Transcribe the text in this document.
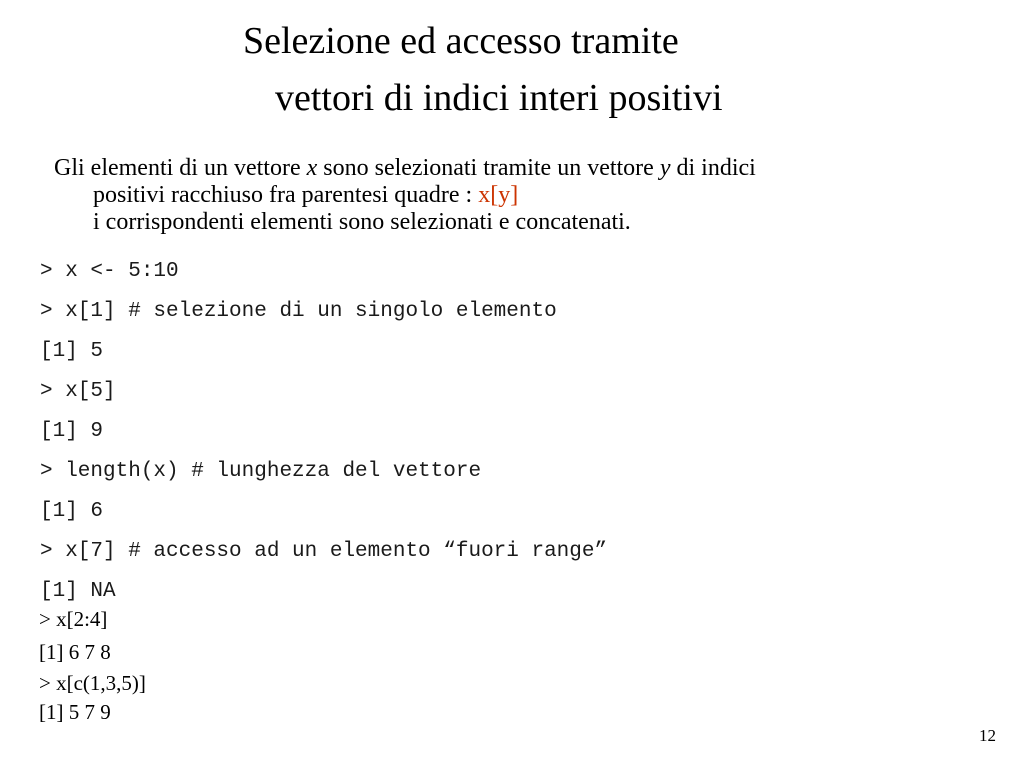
Selezione ed accesso tramite
vettori di indici interi positivi
Gli elementi di un vettore x sono selezionati tramite un vettore y di indici
positivi racchiuso fra parentesi quadre : x[y]
i corrispondenti elementi sono selezionati e concatenati.
> x <- 5:10
> x[1] # selezione di un singolo elemento
[1] 5
> x[5]
[1] 9
> length(x) # lunghezza del vettore
[1] 6
> x[7] # accesso ad un elemento “fuori range”
[1] NA
> x[2:4]
[1] 6 7 8
> x[c(1,3,5)]
[1] 5 7 9
12
